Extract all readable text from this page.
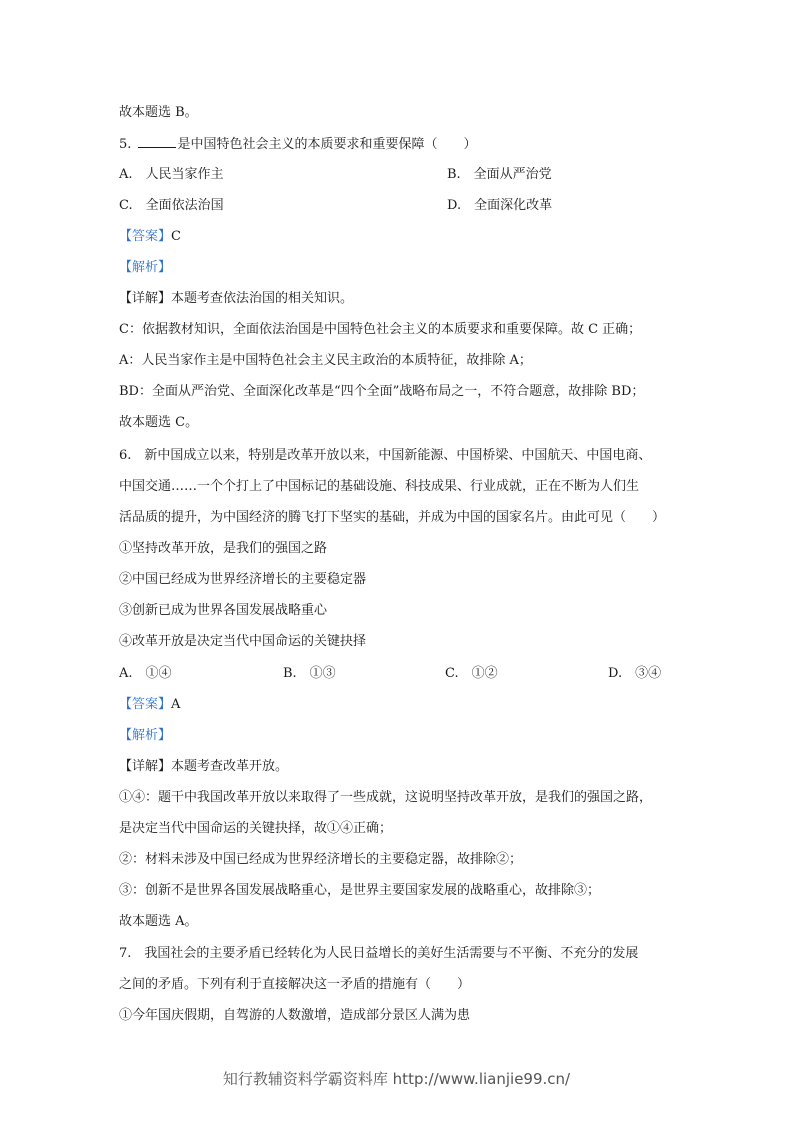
故本题选 B。
5.	是中国特色社会主义的本质要求和重要保障（　　）
A.　人民当家作主	B.　全面从严治党
C.　全面依法治国	D.　全面深化改革
【答案】C
【解析】
【详解】本题考查依法治国的相关知识。
C：依据教材知识，全面依法治国是中国特色社会主义的本质要求和重要保障。故 C 正确；
A：人民当家作主是中国特色社会主义民主政治的本质特征，故排除 A；
BD：全面从严治党、全面深化改革是“四个全面”战略布局之一，不符合题意，故排除 BD；
故本题选 C。
6.　新中国成立以来，特别是改革开放以来，中国新能源、中国桥梁、中国航天、中国电商、
中国交通……一个个打上了中国标记的基础设施、科技成果、行业成就，正在不断为人们生
活品质的提升，为中国经济的腾飞打下坚实的基础，并成为中国的国家名片。由此可见（　　）
①坚持改革开放，是我们的强国之路
②中国已经成为世界经济增长的主要稳定器
③创新已成为世界各国发展战略重心
④改革开放是决定当代中国命运的关键抉择
A.　①④	B.　①③	C.　①②	D.　③④
【答案】A
【解析】
【详解】本题考查改革开放。
①④：题干中我国改革开放以来取得了一些成就，这说明坚持改革开放，是我们的强国之路，
是决定当代中国命运的关键抉择，故①④正确；
②：材料未涉及中国已经成为世界经济增长的主要稳定器，故排除②；
③：创新不是世界各国发展战略重心，是世界主要国家发展的战略重心，故排除③；
故本题选 A。
7.　我国社会的主要矛盾已经转化为人民日益增长的美好生活需要与不平衡、不充分的发展
之间的矛盾。下列有利于直接解决这一矛盾的措施有（　　）
①今年国庆假期，自驾游的人数激增，造成部分景区人满为患
知行教辅资料学霸资料库 http://www.lianjie99.cn/
